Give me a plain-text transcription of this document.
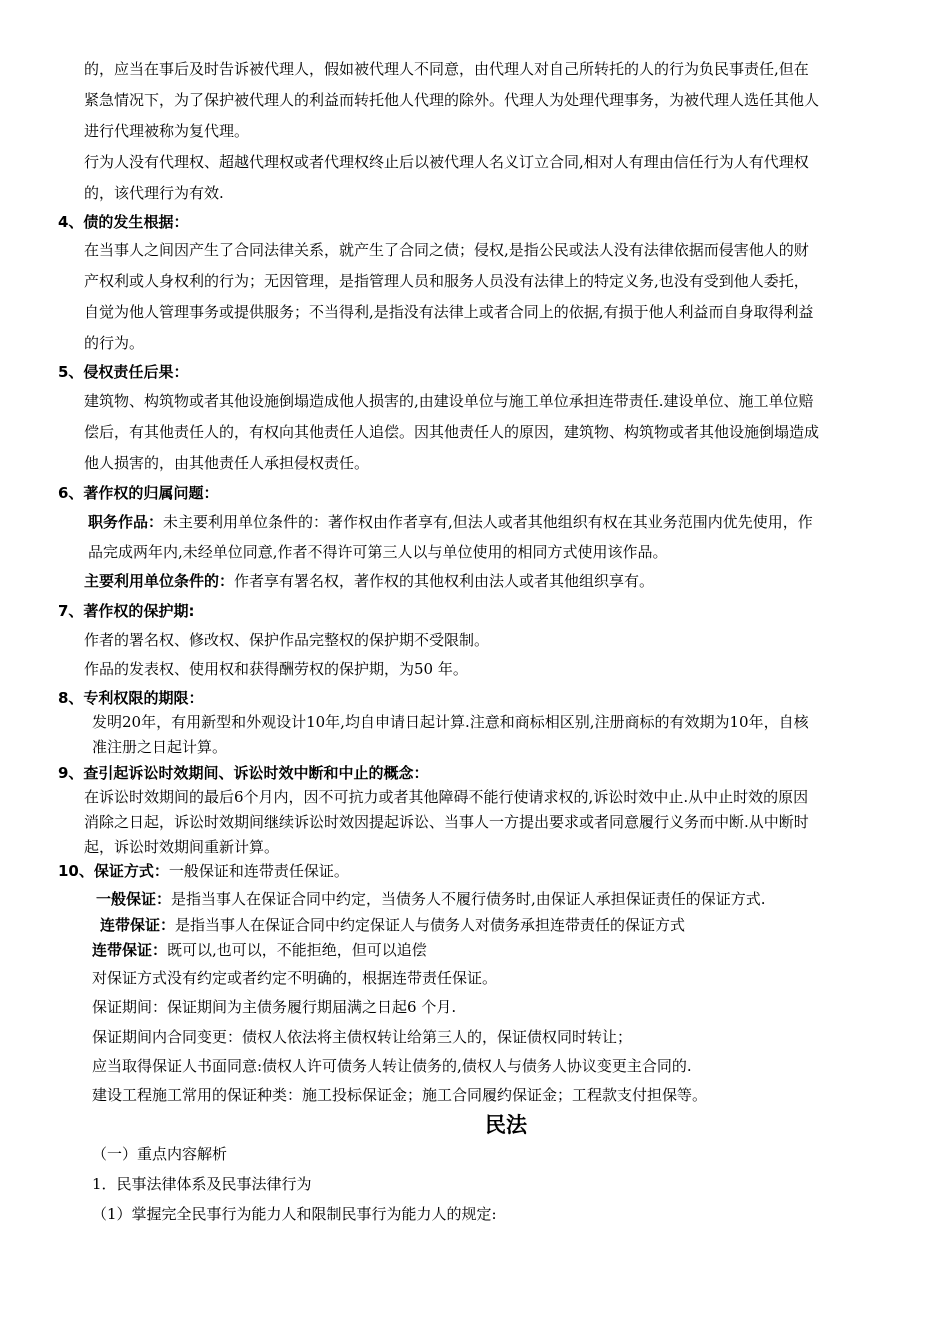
的，应当在事后及时告诉被代理人，假如被代理人不同意，由代理人对自己所转托的人的行为负民事责任,但在
紧急情况下，为了保护被代理人的利益而转托他人代理的除外。代理人为处理代理事务，为被代理人选任其他人
进行代理被称为复代理。
行为人没有代理权、超越代理权或者代理权终止后以被代理人名义订立合同,相对人有理由信任行为人有代理权
的，该代理行为有效.
4、债的发生根据：
在当事人之间因产生了合同法律关系，就产生了合同之债；侵权,是指公民或法人没有法律依据而侵害他人的财
产权利或人身权利的行为；无因管理，是指管理人员和服务人员没有法律上的特定义务,也没有受到他人委托，
自觉为他人管理事务或提供服务；不当得利,是指没有法律上或者合同上的依据,有损于他人利益而自身取得利益
的行为。
5、侵权责任后果：
建筑物、构筑物或者其他设施倒塌造成他人损害的,由建设单位与施工单位承担连带责任.建设单位、施工单位赔
偿后，有其他责任人的，有权向其他责任人追偿。因其他责任人的原因，建筑物、构筑物或者其他设施倒塌造成
他人损害的，由其他责任人承担侵权责任。
6、著作权的归属问题：
职务作品：未主要利用单位条件的：著作权由作者享有,但法人或者其他组织有权在其业务范围内优先使用，作
品完成两年内,未经单位同意,作者不得许可第三人以与单位使用的相同方式使用该作品。
主要利用单位条件的：作者享有署名权，著作权的其他权利由法人或者其他组织享有。
7、著作权的保护期:
作者的署名权、修改权、保护作品完整权的保护期不受限制。
作品的发表权、使用权和获得酬劳权的保护期，为50 年。
8、专利权限的期限：
发明20年，有用新型和外观设计10年,均自申请日起计算.注意和商标相区别,注册商标的有效期为10年，自核
准注册之日起计算。
9、查引起诉讼时效期间、诉讼时效中断和中止的概念：
在诉讼时效期间的最后6个月内，因不可抗力或者其他障碍不能行使请求权的,诉讼时效中止.从中止时效的原因
消除之日起，诉讼时效期间继续诉讼时效因提起诉讼、当事人一方提出要求或者同意履行义务而中断.从中断时
起，诉讼时效期间重新计算。
10、保证方式：一般保证和连带责任保证。
一般保证：是指当事人在保证合同中约定，当债务人不履行债务时,由保证人承担保证责任的保证方式.
连带保证：是指当事人在保证合同中约定保证人与债务人对债务承担连带责任的保证方式
连带保证：既可以,也可以，不能拒绝，但可以追偿
对保证方式没有约定或者约定不明确的，根据连带责任保证。
保证期间：保证期间为主债务履行期届满之日起6 个月.
保证期间内合同变更：债权人依法将主债权转让给第三人的，保证债权同时转让；
应当取得保证人书面同意:债权人许可债务人转让债务的,债权人与债务人协议变更主合同的.
建设工程施工常用的保证种类：施工投标保证金；施工合同履约保证金；工程款支付担保等。
民法
（一）重点内容解析
1．民事法律体系及民事法律行为
（1）掌握完全民事行为能力人和限制民事行为能力人的规定:
